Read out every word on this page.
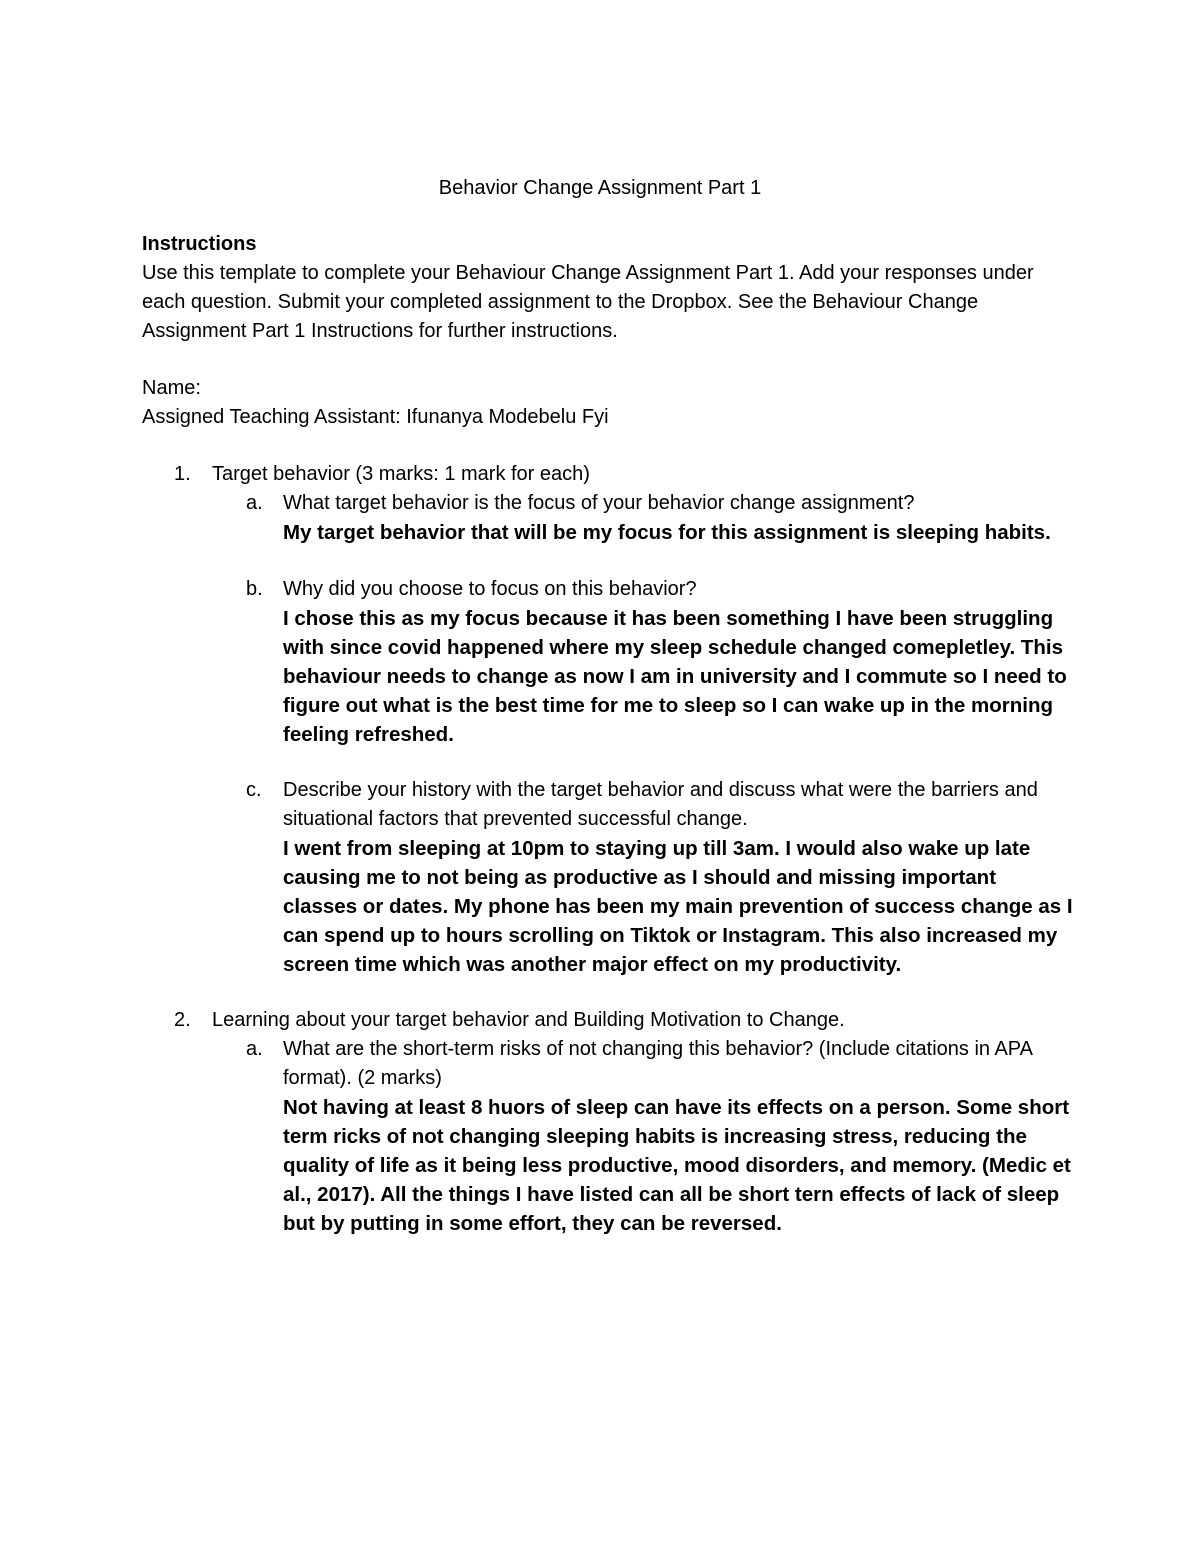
Behavior Change Assignment Part 1
Instructions

Use this template to complete your Behaviour Change Assignment Part 1. Add your responses under each question. Submit your completed assignment to the Dropbox. See the Behaviour Change Assignment Part 1 Instructions for further instructions.

Name:

Assigned Teaching Assistant: Ifunanya Modebelu Fyi

1. Target behavior (3 marks: 1 mark for each)
a. What target behavior is the focus of your behavior change assignment?

My target behavior that will be my focus for this assignment is sleeping habits.

b. Why did you choose to focus on this behavior?

I chose this as my focus because it has been something I have been struggling with since covid happened where my sleep schedule changed comepletley. This behaviour needs to change as now I am in university and I commute so I need to figure out what is the best time for me to sleep so I can wake up in the morning feeling refreshed.

c. Describe your history with the target behavior and discuss what were the barriers and situational factors that prevented successful change.

I went from sleeping at 10pm to staying up till 3am. I would also wake up late causing me to not being as productive as I should and missing important classes or dates. My phone has been my main prevention of success change as I can spend up to hours scrolling on Tiktok or Instagram. This also increased my screen time which was another major effect on my productivity.

2. Learning about your target behavior and Building Motivation to Change.
a. What are the short-term risks of not changing this behavior? (Include citations in APA format). (2 marks)

Not having at least 8 huors of sleep can have its effects on a person. Some short term ricks of not changing sleeping habits is increasing stress, reducing the quality of life as it being less productive, mood disorders, and memory. (Medic et al., 2017). All the things I have listed can all be short tern effects of lack of sleep but by putting in some effort, they can be reversed.
